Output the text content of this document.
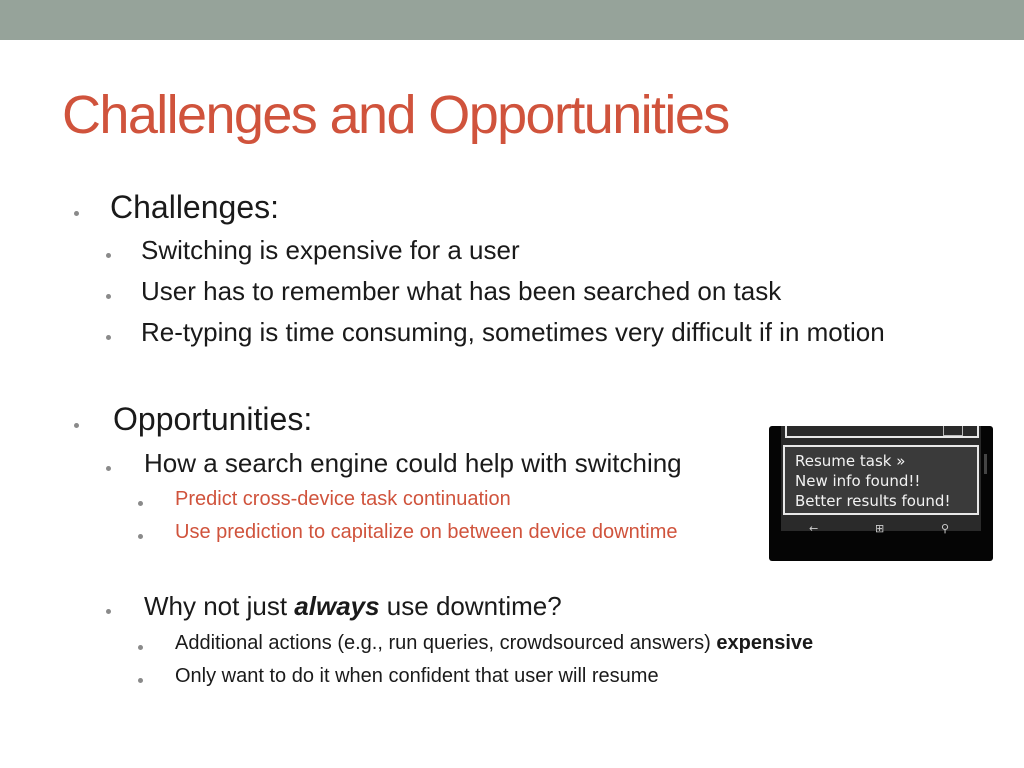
Challenges and Opportunities
Challenges:
Switching is expensive for a user
User has to remember what has been searched on task
Re-typing is time consuming, sometimes very difficult if in motion
Opportunities:
How a search engine could help with switching
Predict cross-device task continuation
Use prediction to capitalize on between device downtime
Why not just always use downtime?
Additional actions (e.g., run queries, crowdsourced answers) expensive
Only want to do it when confident that user will resume
Resume task »
New info found!!
Better results found!
←	⊞	⚲
